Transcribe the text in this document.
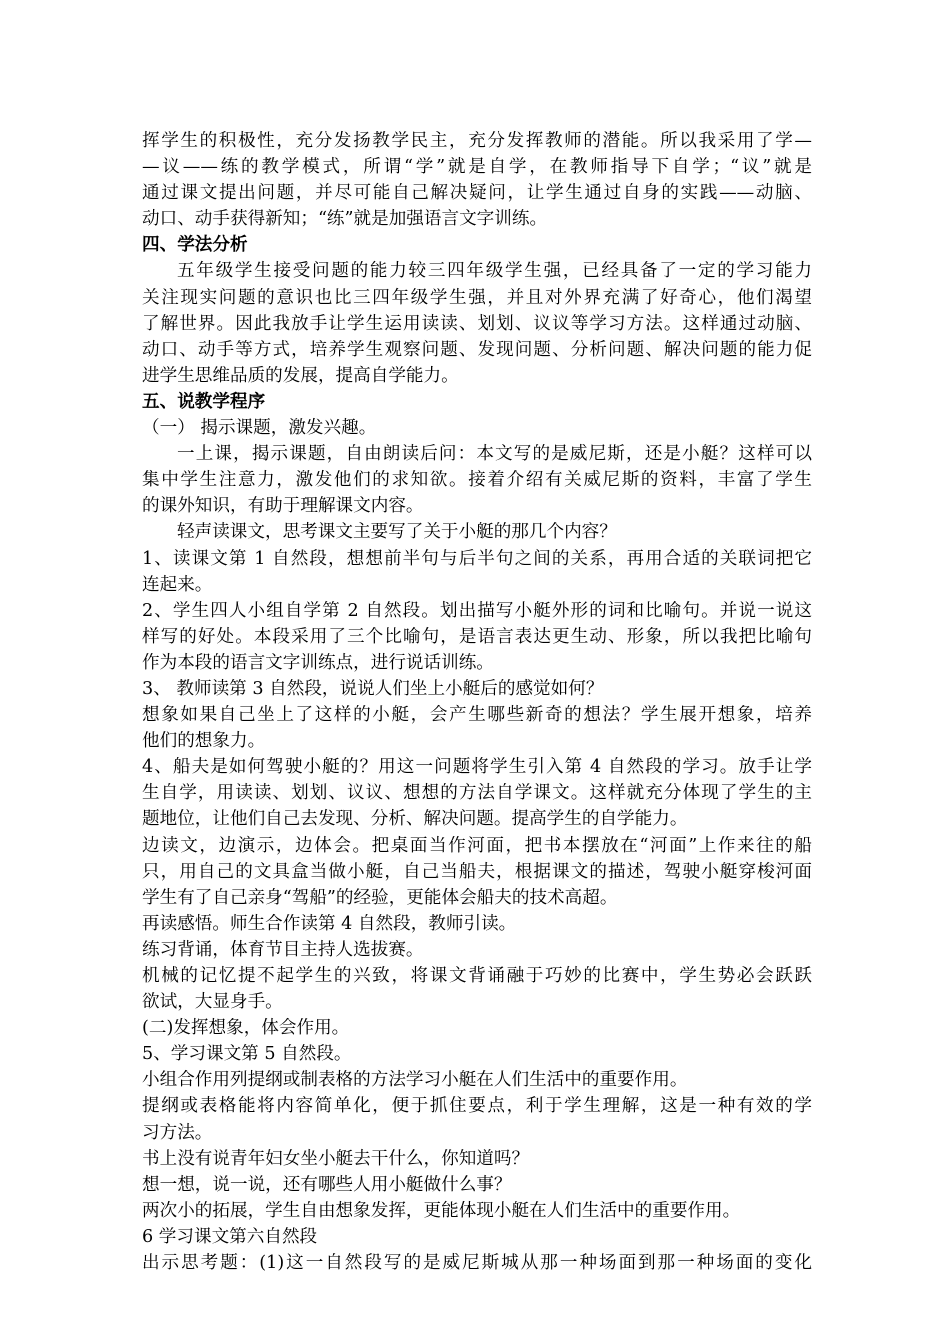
挥学生的积极性，充分发扬教学民主，充分发挥教师的潜能。所以我采用了学—
—议——练的教学模式，所谓“学”就是自学，在教师指导下自学；“议”就是
通过课文提出问题，并尽可能自己解决疑问，让学生通过自身的实践——动脑、
动口、动手获得新知；“练”就是加强语言文字训练。
四、学法分析
五年级学生接受问题的能力较三四年级学生强，已经具备了一定的学习能力
关注现实问题的意识也比三四年级学生强，并且对外界充满了好奇心，他们渴望
了解世界。因此我放手让学生运用读读、划划、议议等学习方法。这样通过动脑、
动口、动手等方式，培养学生观察问题、发现问题、分析问题、解决问题的能力促
进学生思维品质的发展，提高自学能力。
五、说教学程序
（一） 揭示课题，激发兴趣。
一上课，揭示课题，自由朗读后问：本文写的是威尼斯，还是小艇？这样可以
集中学生注意力，激发他们的求知欲。接着介绍有关威尼斯的资料，丰富了学生
的课外知识，有助于理解课文内容。
轻声读课文，思考课文主要写了关于小艇的那几个内容？
1、读课文第 1 自然段，想想前半句与后半句之间的关系，再用合适的关联词把它
连起来。
2、学生四人小组自学第 2 自然段。划出描写小艇外形的词和比喻句。并说一说这
样写的好处。本段采用了三个比喻句，是语言表达更生动、形象，所以我把比喻句
作为本段的语言文字训练点，进行说话训练。
3、 教师读第 3 自然段，说说人们坐上小艇后的感觉如何？
想象如果自己坐上了这样的小艇，会产生哪些新奇的想法？学生展开想象，培养
他们的想象力。
4、船夫是如何驾驶小艇的？用这一问题将学生引入第 4 自然段的学习。放手让学
生自学，用读读、划划、议议、想想的方法自学课文。这样就充分体现了学生的主
题地位，让他们自己去发现、分析、解决问题。提高学生的自学能力。
边读文，边演示，边体会。把桌面当作河面，把书本摆放在“河面”上作来往的船
只，用自己的文具盒当做小艇，自己当船夫，根据课文的描述，驾驶小艇穿梭河面
学生有了自己亲身“驾船”的经验，更能体会船夫的技术高超。
再读感悟。师生合作读第 4 自然段，教师引读。
练习背诵，体育节目主持人选拔赛。
机械的记忆提不起学生的兴致，将课文背诵融于巧妙的比赛中，学生势必会跃跃
欲试，大显身手。
(二)发挥想象，体会作用。
5、学习课文第 5 自然段。
小组合作用列提纲或制表格的方法学习小艇在人们生活中的重要作用。
提纲或表格能将内容简单化，便于抓住要点，利于学生理解，这是一种有效的学
习方法。
书上没有说青年妇女坐小艇去干什么，你知道吗？
想一想，说一说，还有哪些人用小艇做什么事？
两次小的拓展，学生自由想象发挥，更能体现小艇在人们生活中的重要作用。
6 学习课文第六自然段
出示思考题：(1)这一自然段写的是威尼斯城从那一种场面到那一种场面的变化
